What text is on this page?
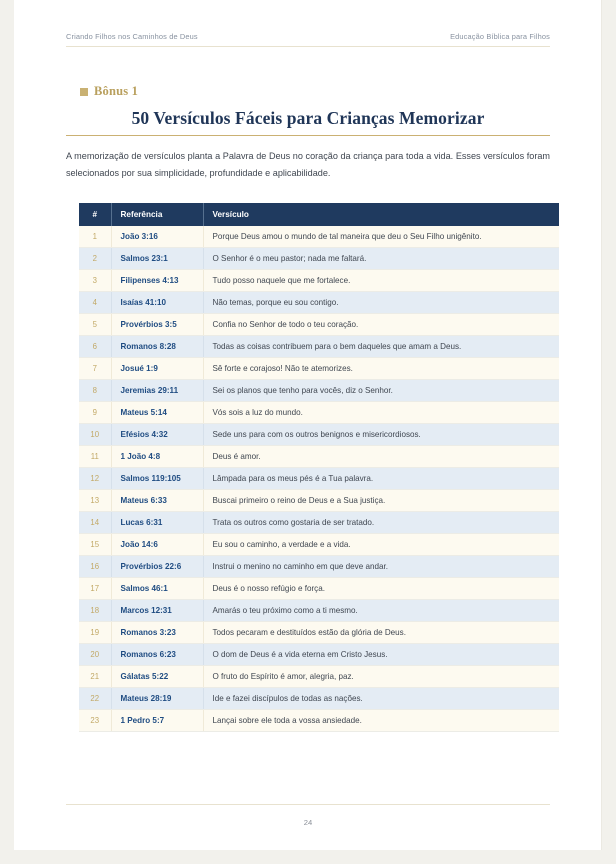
Criando Filhos nos Caminhos de Deus	Educação Bíblica para Filhos
Bônus 1
50 Versículos Fáceis para Crianças Memorizar

A memorização de versículos planta a Palavra de Deus no coração da criança para toda a vida. Esses versículos foram selecionados por sua simplicidade, profundidade e aplicabilidade.

#	Referência	Versículo
1	João 3:16	Porque Deus amou o mundo de tal maneira que deu o Seu Filho unigênito.
2	Salmos 23:1	O Senhor é o meu pastor; nada me faltará.
3	Filipenses 4:13	Tudo posso naquele que me fortalece.
4	Isaías 41:10	Não temas, porque eu sou contigo.
5	Provérbios 3:5	Confia no Senhor de todo o teu coração.
6	Romanos 8:28	Todas as coisas contribuem para o bem daqueles que amam a Deus.
7	Josué 1:9	Sê forte e corajoso! Não te atemorizes.
8	Jeremias 29:11	Sei os planos que tenho para vocês, diz o Senhor.
9	Mateus 5:14	Vós sois a luz do mundo.
10	Efésios 4:32	Sede uns para com os outros benignos e misericordiosos.
11	1 João 4:8	Deus é amor.
12	Salmos 119:105	Lâmpada para os meus pés é a Tua palavra.
13	Mateus 6:33	Buscai primeiro o reino de Deus e a Sua justiça.
14	Lucas 6:31	Trata os outros como gostaria de ser tratado.
15	João 14:6	Eu sou o caminho, a verdade e a vida.
16	Provérbios 22:6	Instrui o menino no caminho em que deve andar.
17	Salmos 46:1	Deus é o nosso refúgio e força.
18	Marcos 12:31	Amarás o teu próximo como a ti mesmo.
19	Romanos 3:23	Todos pecaram e destituídos estão da glória de Deus.
20	Romanos 6:23	O dom de Deus é a vida eterna em Cristo Jesus.
21	Gálatas 5:22	O fruto do Espírito é amor, alegria, paz.
22	Mateus 28:19	Ide e fazei discípulos de todas as nações.
23	1 Pedro 5:7	Lançai sobre ele toda a vossa ansiedade.
24
